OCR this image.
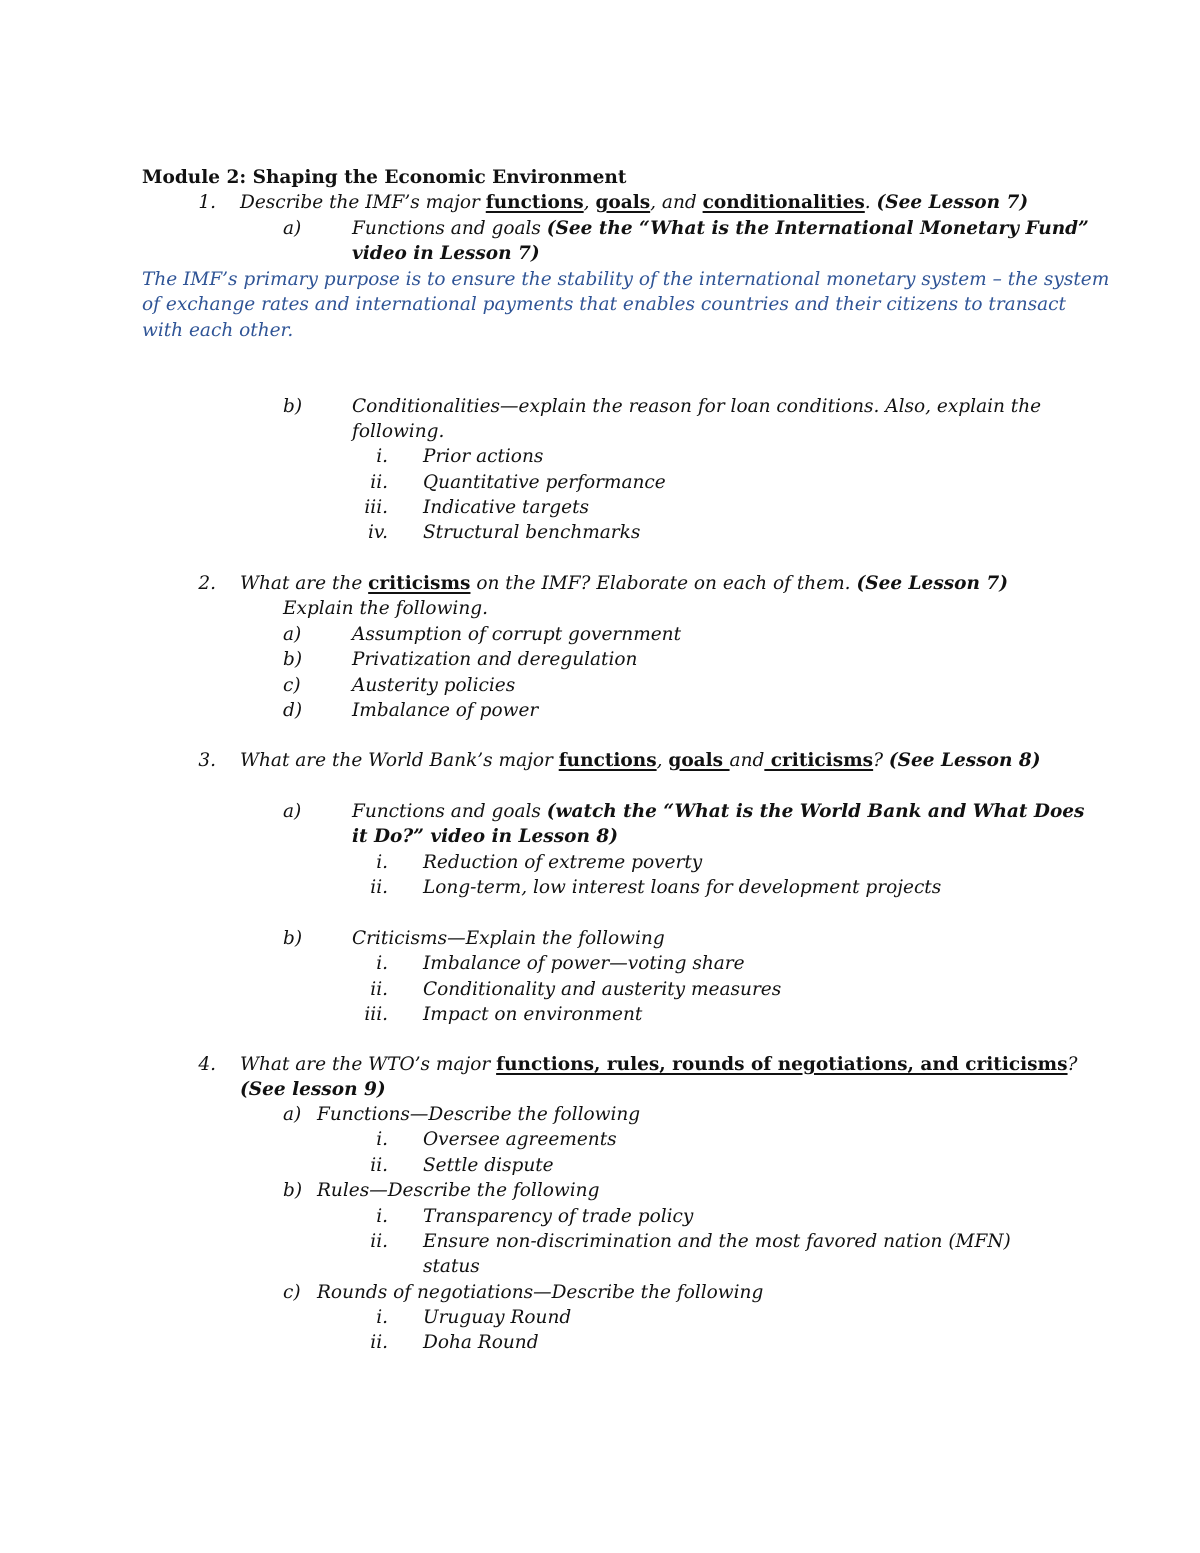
Module 2: Shaping the Economic Environment
1. Describe the IMF’s major functions, goals, and conditionalities. (See Lesson 7)
a)	Functions and goals (See the “What is the International Monetary Fund”
video in Lesson 7)
The IMF’s primary purpose is to ensure the stability of the international monetary system – the system
of exchange rates and international payments that enables countries and their citizens to transact
with each other.
b)	Conditionalities—explain the reason for loan conditions. Also, explain the
following.
i. Prior actions
ii. Quantitative performance
iii. Indicative targets
iv. Structural benchmarks
2. What are the criticisms on the IMF? Elaborate on each of them. (See Lesson 7)
Explain the following.
a)	Assumption of corrupt government
b)	Privatization and deregulation
c)	Austerity policies
d)	Imbalance of power
3. What are the World Bank’s major functions, goals and criticisms? (See Lesson 8)
a)	Functions and goals (watch the “What is the World Bank and What Does
it Do?” video in Lesson 8)
i. Reduction of extreme poverty
ii. Long-term, low interest loans for development projects
b)	Criticisms—Explain the following
i. Imbalance of power—voting share
ii. Conditionality and austerity measures
iii. Impact on environment
4. What are the WTO’s major functions, rules, rounds of negotiations, and criticisms?
(See lesson 9)
a) Functions—Describe the following
i. Oversee agreements
ii. Settle dispute
b) Rules—Describe the following
i. Transparency of trade policy
ii. Ensure non-discrimination and the most favored nation (MFN)
status
c) Rounds of negotiations—Describe the following
i. Uruguay Round
ii. Doha Round
